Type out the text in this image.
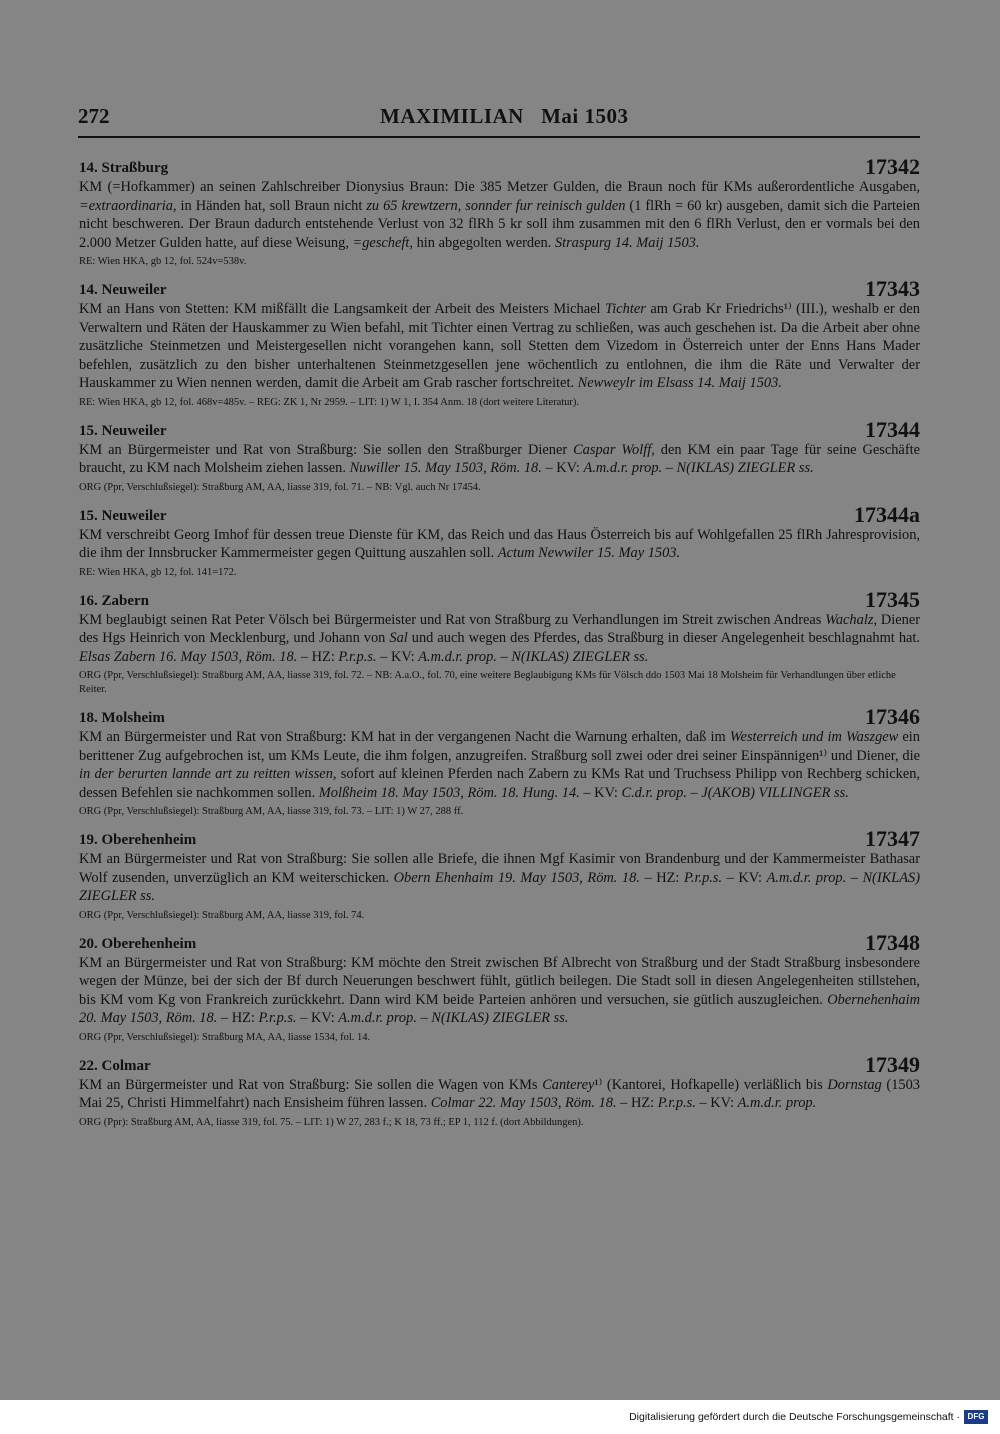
272	MAXIMILIAN   Mai 1503
14. Straßburg	17342

KM (=Hofkammer) an seinen Zahlschreiber Dionysius Braun: Die 385 Metzer Gulden, die Braun noch für KMs außerordentliche Ausgaben, =extraordinaria, in Händen hat, soll Braun nicht zu 65 krewtzern, sonnder fur reinisch gulden (1 flRh = 60 kr) ausgeben, damit sich die Parteien nicht beschweren. Der Braun dadurch entstehende Verlust von 32 flRh 5 kr soll ihm zusammen mit den 6 flRh Verlust, den er vormals bei den 2.000 Metzer Gulden hatte, auf diese Weisung, =gescheft, hin abgegolten werden. Straspurg 14. Maij 1503.

RE: Wien HKA, gb 12, fol. 524v=538v.
14. Neuweiler	17343

KM an Hans von Stetten: KM mißfällt die Langsamkeit der Arbeit des Meisters Michael Tichter am Grab Kr Friedrichs¹⁾ (III.), weshalb er den Verwaltern und Räten der Hauskammer zu Wien befahl, mit Tichter einen Vertrag zu schließen, was auch geschehen ist. Da die Arbeit aber ohne zusätzliche Steinmetzen und Meistergesellen nicht vorangehen kann, soll Stetten dem Vizedom in Österreich unter der Enns Hans Mader befehlen, zusätzlich zu den bisher unterhaltenen Steinmetzgesellen jene wöchentlich zu entlohnen, die ihm die Räte und Verwalter der Hauskammer zu Wien nennen werden, damit die Arbeit am Grab rascher fortschreitet. Newweylr im Elsass 14. Maij 1503.

RE: Wien HKA, gb 12, fol. 468v=485v. – REG: ZK 1, Nr 2959. – LIT: 1) W 1, I. 354 Anm. 18 (dort weitere Literatur).
15. Neuweiler	17344

KM an Bürgermeister und Rat von Straßburg: Sie sollen den Straßburger Diener Caspar Wolff, den KM ein paar Tage für seine Geschäfte braucht, zu KM nach Molsheim ziehen lassen. Nuwiller 15. May 1503, Röm. 18. – KV: A.m.d.r. prop. – N(IKLAS) ZIEGLER ss.

ORG (Ppr, Verschlußsiegel): Straßburg AM, AA, liasse 319, fol. 71. – NB: Vgl. auch Nr 17454.
15. Neuweiler	17344a

KM verschreibt Georg Imhof für dessen treue Dienste für KM, das Reich und das Haus Österreich bis auf Wohlgefallen 25 flRh Jahresprovision, die ihm der Innsbrucker Kammermeister gegen Quittung auszahlen soll. Actum Newwiler 15. May 1503.

RE: Wien HKA, gb 12, fol. 141=172.
16. Zabern	17345

KM beglaubigt seinen Rat Peter Völsch bei Bürgermeister und Rat von Straßburg zu Verhandlungen im Streit zwischen Andreas Wachalz, Diener des Hgs Heinrich von Mecklenburg, und Johann von Sal und auch wegen des Pferdes, das Straßburg in dieser Angelegenheit beschlagnahmt hat. Elsas Zabern 16. May 1503, Röm. 18. – HZ: P.r.p.s. – KV: A.m.d.r. prop. – N(IKLAS) ZIEGLER ss.

ORG (Ppr, Verschlußsiegel): Straßburg AM, AA, liasse 319, fol. 72. – NB: A.a.O., fol. 70, eine weitere Beglaubigung KMs für Völsch ddo 1503 Mai 18 Molsheim für Verhandlungen über etliche Reiter.
18. Molsheim	17346

KM an Bürgermeister und Rat von Straßburg: KM hat in der vergangenen Nacht die Warnung erhalten, daß im Westerreich und im Waszgew ein berittener Zug aufgebrochen ist, um KMs Leute, die ihm folgen, anzugreifen. Straßburg soll zwei oder drei seiner Einspännigen¹⁾ und Diener, die in der berurten lannde art zu reitten wissen, sofort auf kleinen Pferden nach Zabern zu KMs Rat und Truchsess Philipp von Rechberg schicken, dessen Befehlen sie nachkommen sollen. Molßheim 18. May 1503, Röm. 18. Hung. 14. – KV: C.d.r. prop. – J(AKOB) VILLINGER ss.

ORG (Ppr, Verschlußsiegel): Straßburg AM, AA, liasse 319, fol. 73. – LIT: 1) W 27, 288 ff.
19. Oberehenheim	17347

KM an Bürgermeister und Rat von Straßburg: Sie sollen alle Briefe, die ihnen Mgf Kasimir von Brandenburg und der Kammermeister Bathasar Wolf zusenden, unverzüglich an KM weiterschicken. Obern Ehenhaim 19. May 1503, Röm. 18. – HZ: P.r.p.s. – KV: A.m.d.r. prop. – N(IKLAS) ZIEGLER ss.

ORG (Ppr, Verschlußsiegel): Straßburg AM, AA, liasse 319, fol. 74.
20. Oberehenheim	17348

KM an Bürgermeister und Rat von Straßburg: KM möchte den Streit zwischen Bf Albrecht von Straßburg und der Stadt Straßburg insbesondere wegen der Münze, bei der sich der Bf durch Neuerungen beschwert fühlt, gütlich beilegen. Die Stadt soll in diesen Angelegenheiten stillstehen, bis KM vom Kg von Frankreich zurückkehrt. Dann wird KM beide Parteien anhören und versuchen, sie gütlich auszugleichen. Obernehenhaim 20. May 1503, Röm. 18. – HZ: P.r.p.s. – KV: A.m.d.r. prop. – N(IKLAS) ZIEGLER ss.

ORG (Ppr, Verschlußsiegel): Straßburg MA, AA, liasse 1534, fol. 14.
22. Colmar	17349

KM an Bürgermeister und Rat von Straßburg: Sie sollen die Wagen von KMs Canterey¹⁾ (Kantorei, Hofkapelle) verläßlich bis Dornstag (1503 Mai 25, Christi Himmelfahrt) nach Ensisheim führen lassen. Colmar 22. May 1503, Röm. 18. – HZ: P.r.p.s. – KV: A.m.d.r. prop.

ORG (Ppr): Straßburg AM, AA, liasse 319, fol. 75. – LIT: 1) W 27, 283 f.; K 18, 73 ff.; EP 1, 112 f. (dort Abbildungen).
Digitalisierung gefördert durch die Deutsche Forschungsgemeinschaft · DFG
